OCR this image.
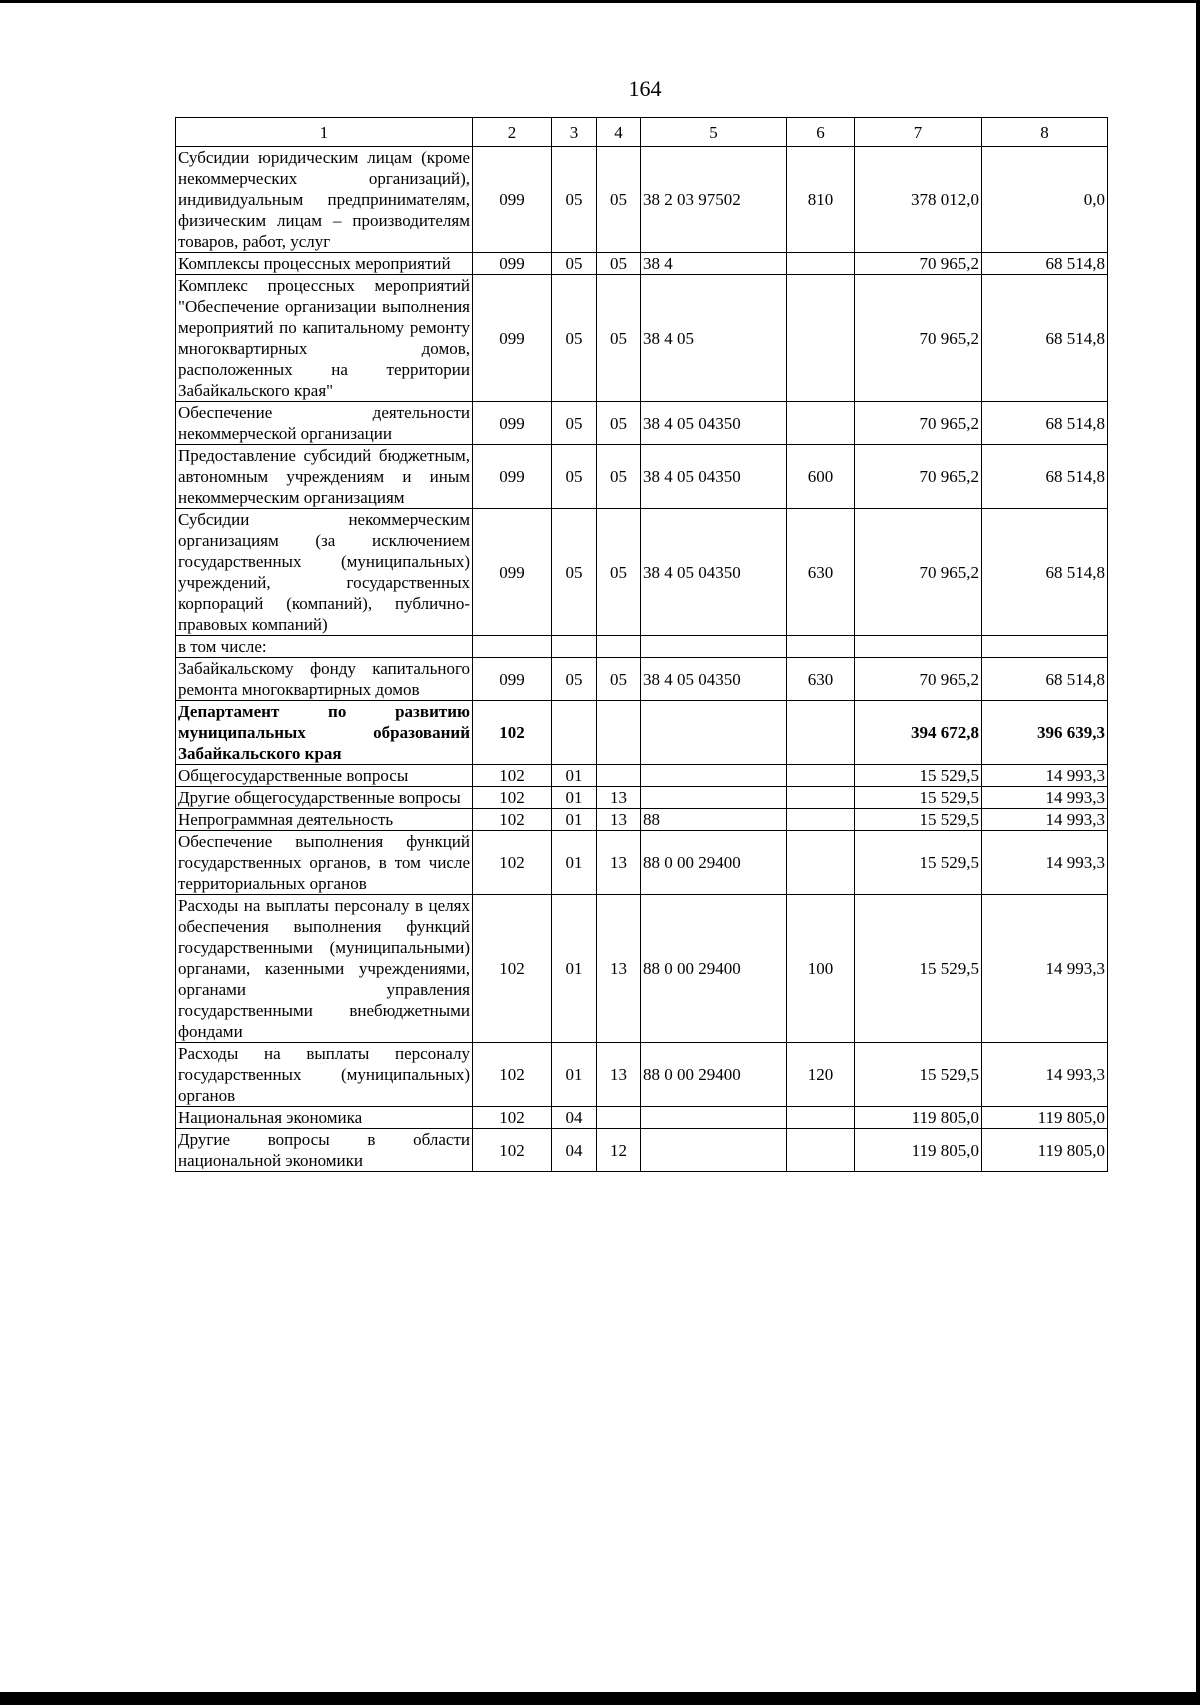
164
1	2	3	4	5	6	7	8
Субсидии юридическим лицам (кроме некоммерческих организаций), индивидуальным предпринимателям, физическим лицам – производителям товаров, работ, услуг	099	05	05	38 2 03 97502	810	378 012,0	0,0
Комплексы процессных мероприятий	099	05	05	38 4		70 965,2	68 514,8
Комплекс процессных мероприятий "Обеспечение организации выполнения мероприятий по капитальному ремонту многоквартирных домов, расположенных на территории Забайкальского края"	099	05	05	38 4 05		70 965,2	68 514,8
Обеспечение деятельности некоммерческой организации	099	05	05	38 4 05 04350		70 965,2	68 514,8
Предоставление субсидий бюджетным, автономным учреждениям и иным некоммерческим организациям	099	05	05	38 4 05 04350	600	70 965,2	68 514,8
Субсидии некоммерческим организациям (за исключением государственных (муниципальных) учреждений, государственных корпораций (компаний), публично-правовых компаний)	099	05	05	38 4 05 04350	630	70 965,2	68 514,8
в том числе:							
Забайкальскому фонду капитального ремонта многоквартирных домов	099	05	05	38 4 05 04350	630	70 965,2	68 514,8
Департамент по развитию муниципальных образований Забайкальского края	102					394 672,8	396 639,3
Общегосударственные вопросы	102	01				15 529,5	14 993,3
Другие общегосударственные вопросы	102	01	13			15 529,5	14 993,3
Непрограммная деятельность	102	01	13	88		15 529,5	14 993,3
Обеспечение выполнения функций государственных органов, в том числе территориальных органов	102	01	13	88 0 00 29400		15 529,5	14 993,3
Расходы на выплаты персоналу в целях обеспечения выполнения функций государственными (муниципальными) органами, казенными учреждениями, органами управления государственными внебюджетными фондами	102	01	13	88 0 00 29400	100	15 529,5	14 993,3
Расходы на выплаты персоналу государственных (муниципальных) органов	102	01	13	88 0 00 29400	120	15 529,5	14 993,3
Национальная экономика	102	04				119 805,0	119 805,0
Другие вопросы в области национальной экономики	102	04	12			119 805,0	119 805,0
